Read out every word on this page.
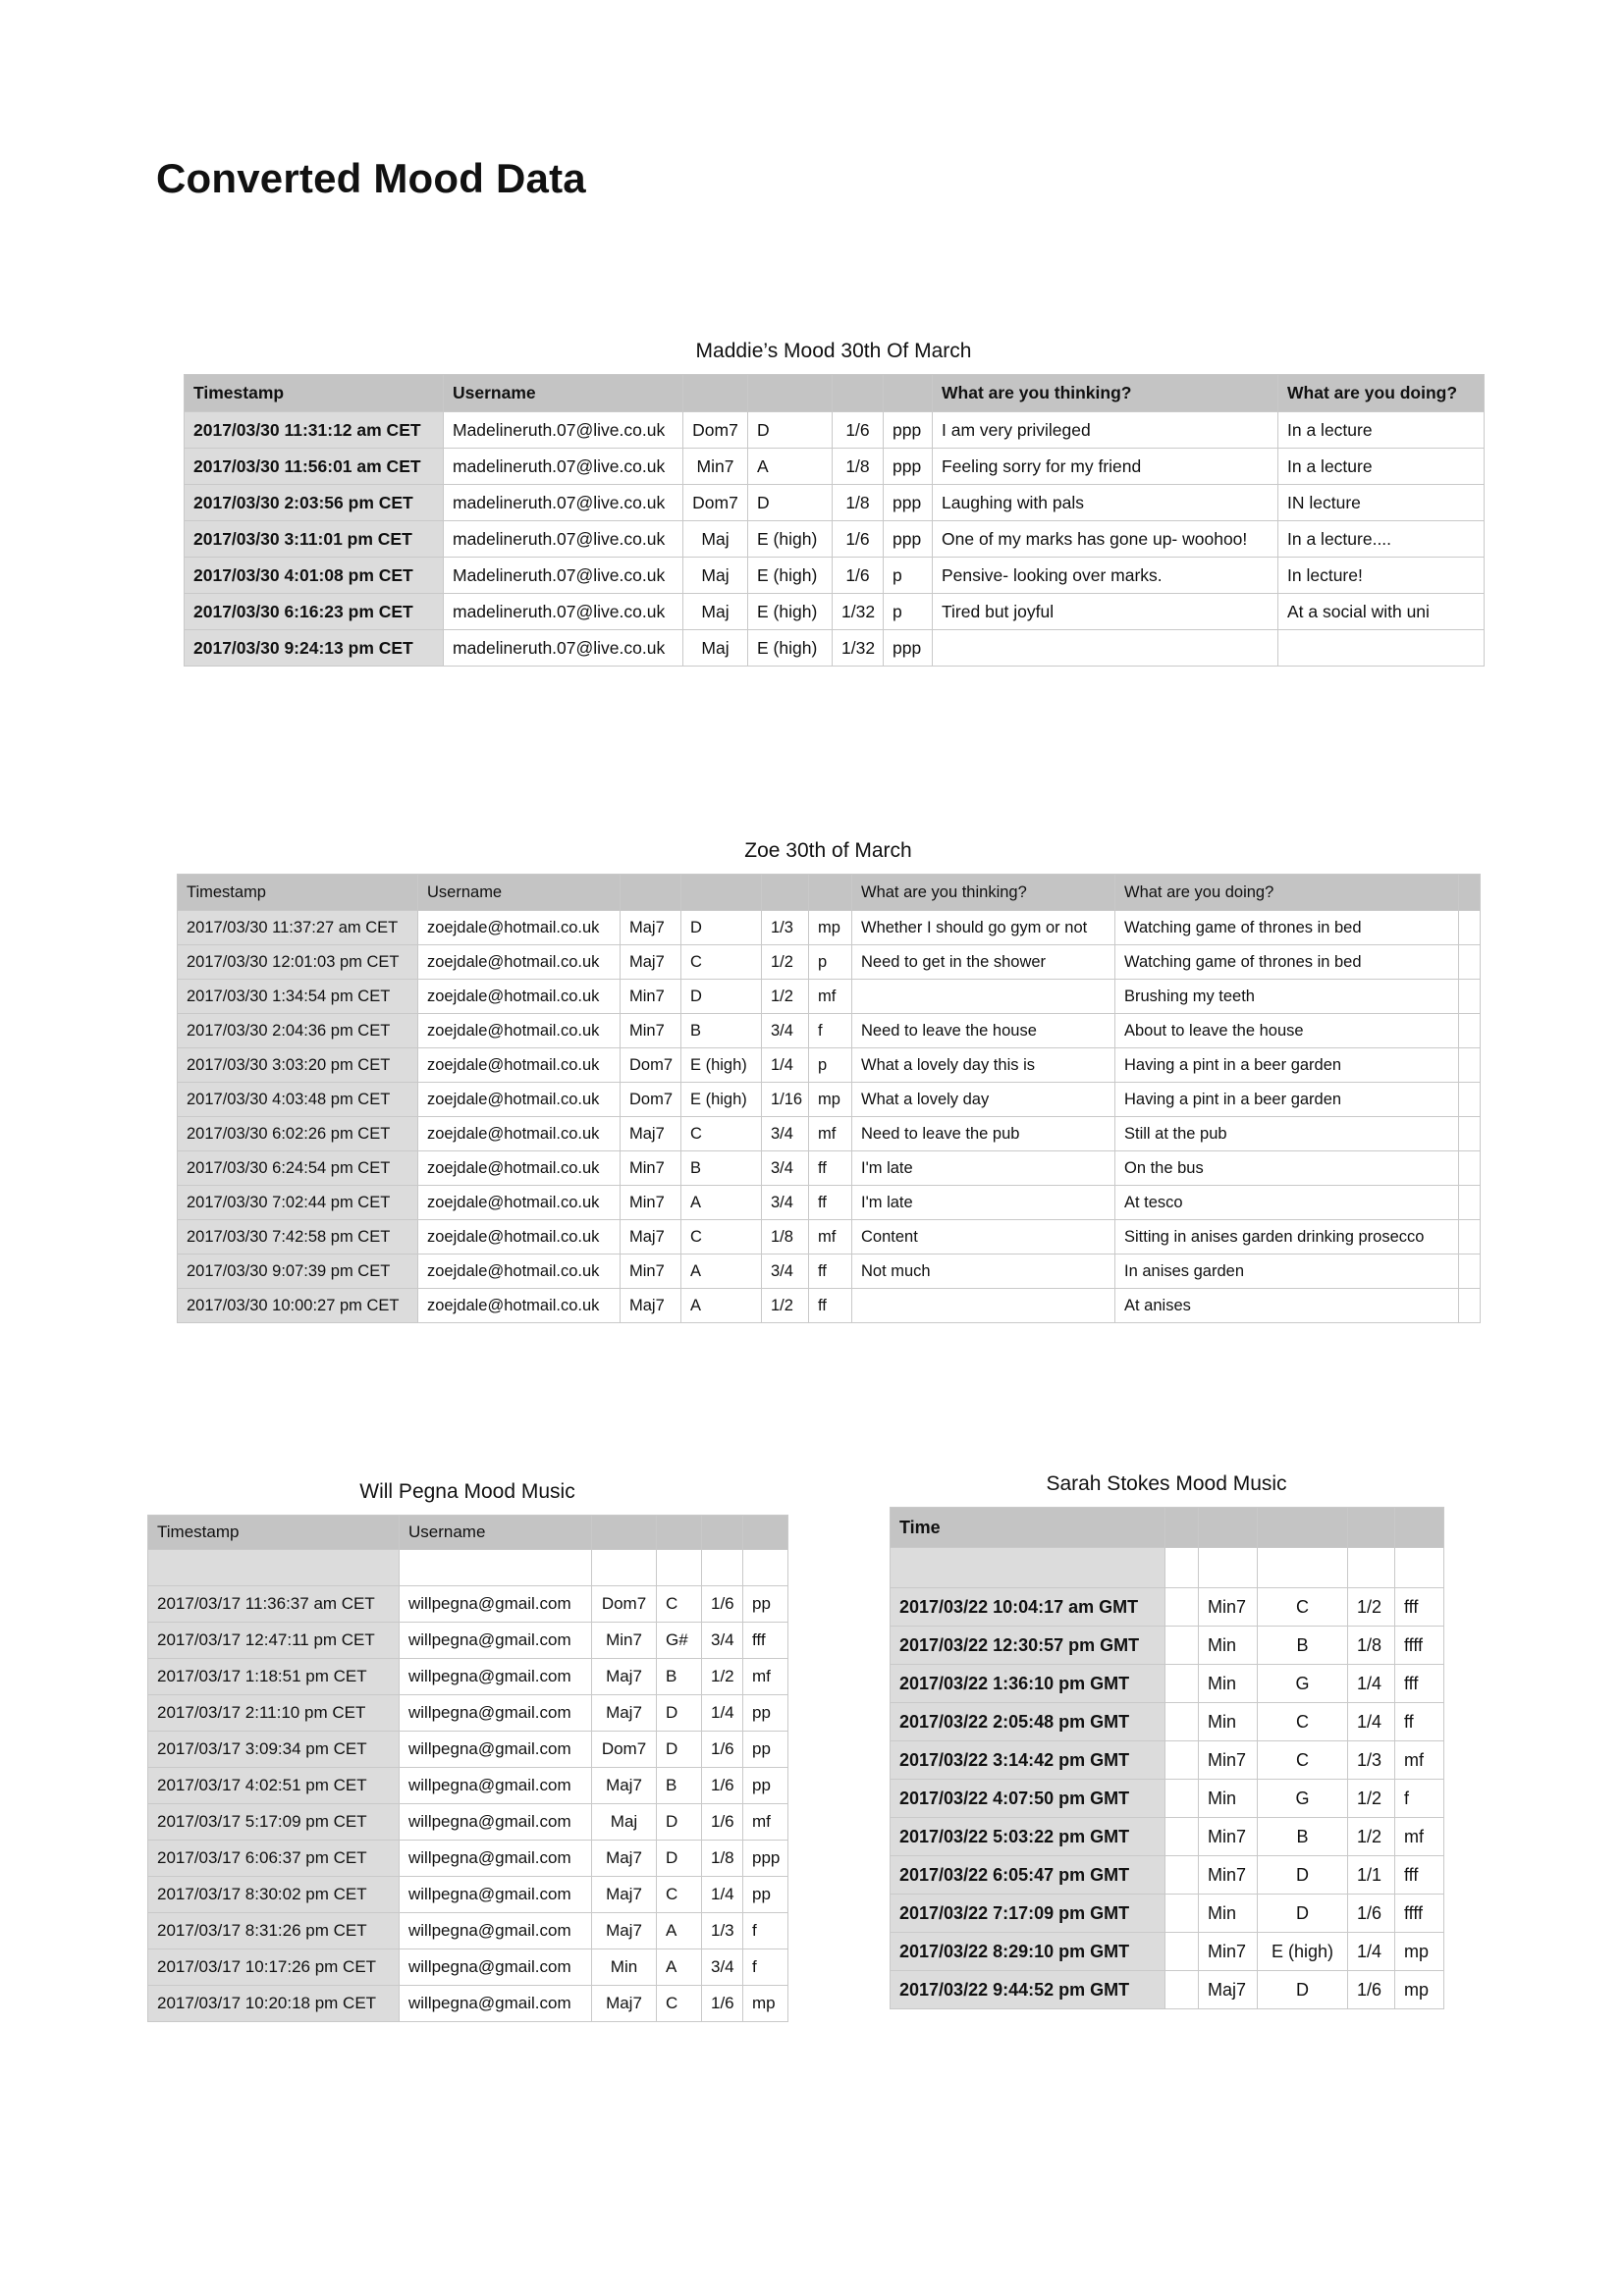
Converted Mood Data
Maddie’s Mood 30th Of March
Timestamp	Username					What are you thinking?	What are you doing?
2017/03/30 11:31:12 am CET	Madelineruth.07@live.co.uk	Dom7	D	1/6	ppp	I am very privileged	In a lecture
2017/03/30 11:56:01 am CET	madelineruth.07@live.co.uk	Min7	A	1/8	ppp	Feeling sorry for my friend	In a lecture
2017/03/30 2:03:56 pm CET	madelineruth.07@live.co.uk	Dom7	D	1/8	ppp	Laughing with pals	IN lecture
2017/03/30 3:11:01 pm CET	madelineruth.07@live.co.uk	Maj	E (high)	1/6	ppp	One of my marks has gone up- woohoo!	In a lecture....
2017/03/30 4:01:08 pm CET	Madelineruth.07@live.co.uk	Maj	E (high)	1/6	p	Pensive- looking over marks.	In lecture!
2017/03/30 6:16:23 pm CET	madelineruth.07@live.co.uk	Maj	E (high)	1/32	p	Tired but joyful	At a social with uni
2017/03/30 9:24:13 pm CET	madelineruth.07@live.co.uk	Maj	E (high)	1/32	ppp		
Zoe 30th of March
Timestamp	Username					What are you thinking?	What are you doing?	
2017/03/30 11:37:27 am CET	zoejdale@hotmail.co.uk	Maj7	D	1/3	mp	Whether I should go gym or not	Watching game of thrones in bed	
2017/03/30 12:01:03 pm CET	zoejdale@hotmail.co.uk	Maj7	C	1/2	p	Need to get in the shower	Watching game of thrones in bed	
2017/03/30 1:34:54 pm CET	zoejdale@hotmail.co.uk	Min7	D	1/2	mf		Brushing my teeth	
2017/03/30 2:04:36 pm CET	zoejdale@hotmail.co.uk	Min7	B	3/4	f	Need to leave the house	About to leave the house	
2017/03/30 3:03:20 pm CET	zoejdale@hotmail.co.uk	Dom7	E (high)	1/4	p	What a lovely day this is	Having a pint in a beer garden	
2017/03/30 4:03:48 pm CET	zoejdale@hotmail.co.uk	Dom7	E (high)	1/16	mp	What a lovely day	Having a pint in a beer garden	
2017/03/30 6:02:26 pm CET	zoejdale@hotmail.co.uk	Maj7	C	3/4	mf	Need to leave the pub	Still at the pub	
2017/03/30 6:24:54 pm CET	zoejdale@hotmail.co.uk	Min7	B	3/4	ff	I'm late	On the bus	
2017/03/30 7:02:44 pm CET	zoejdale@hotmail.co.uk	Min7	A	3/4	ff	I'm late	At tesco	
2017/03/30 7:42:58 pm CET	zoejdale@hotmail.co.uk	Maj7	C	1/8	mf	Content	Sitting in anises garden drinking prosecco	
2017/03/30 9:07:39 pm CET	zoejdale@hotmail.co.uk	Min7	A	3/4	ff	Not much	In anises garden	
2017/03/30 10:00:27 pm CET	zoejdale@hotmail.co.uk	Maj7	A	1/2	ff		At anises	
Will Pegna Mood Music
Timestamp	Username				

2017/03/17 11:36:37 am CET	willpegna@gmail.com	Dom7	C	1/6	pp
2017/03/17 12:47:11 pm CET	willpegna@gmail.com	Min7	G#	3/4	fff
2017/03/17 1:18:51 pm CET	willpegna@gmail.com	Maj7	B	1/2	mf
2017/03/17 2:11:10 pm CET	willpegna@gmail.com	Maj7	D	1/4	pp
2017/03/17 3:09:34 pm CET	willpegna@gmail.com	Dom7	D	1/6	pp
2017/03/17 4:02:51 pm CET	willpegna@gmail.com	Maj7	B	1/6	pp
2017/03/17 5:17:09 pm CET	willpegna@gmail.com	Maj	D	1/6	mf
2017/03/17 6:06:37 pm CET	willpegna@gmail.com	Maj7	D	1/8	ppp
2017/03/17 8:30:02 pm CET	willpegna@gmail.com	Maj7	C	1/4	pp
2017/03/17 8:31:26 pm CET	willpegna@gmail.com	Maj7	A	1/3	f
2017/03/17 10:17:26 pm CET	willpegna@gmail.com	Min	A	3/4	f
2017/03/17 10:20:18 pm CET	willpegna@gmail.com	Maj7	C	1/6	mp
Sarah Stokes Mood Music
Time					

2017/03/22 10:04:17 am GMT		Min7	C	1/2	fff
2017/03/22 12:30:57 pm GMT		Min	B	1/8	ffff
2017/03/22 1:36:10 pm GMT		Min	G	1/4	fff
2017/03/22 2:05:48 pm GMT		Min	C	1/4	ff
2017/03/22 3:14:42 pm GMT		Min7	C	1/3	mf
2017/03/22 4:07:50 pm GMT		Min	G	1/2	f
2017/03/22 5:03:22 pm GMT		Min7	B	1/2	mf
2017/03/22 6:05:47 pm GMT		Min7	D	1/1	fff
2017/03/22 7:17:09 pm GMT		Min	D	1/6	ffff
2017/03/22 8:29:10 pm GMT		Min7	E (high)	1/4	mp
2017/03/22 9:44:52 pm GMT		Maj7	D	1/6	mp
